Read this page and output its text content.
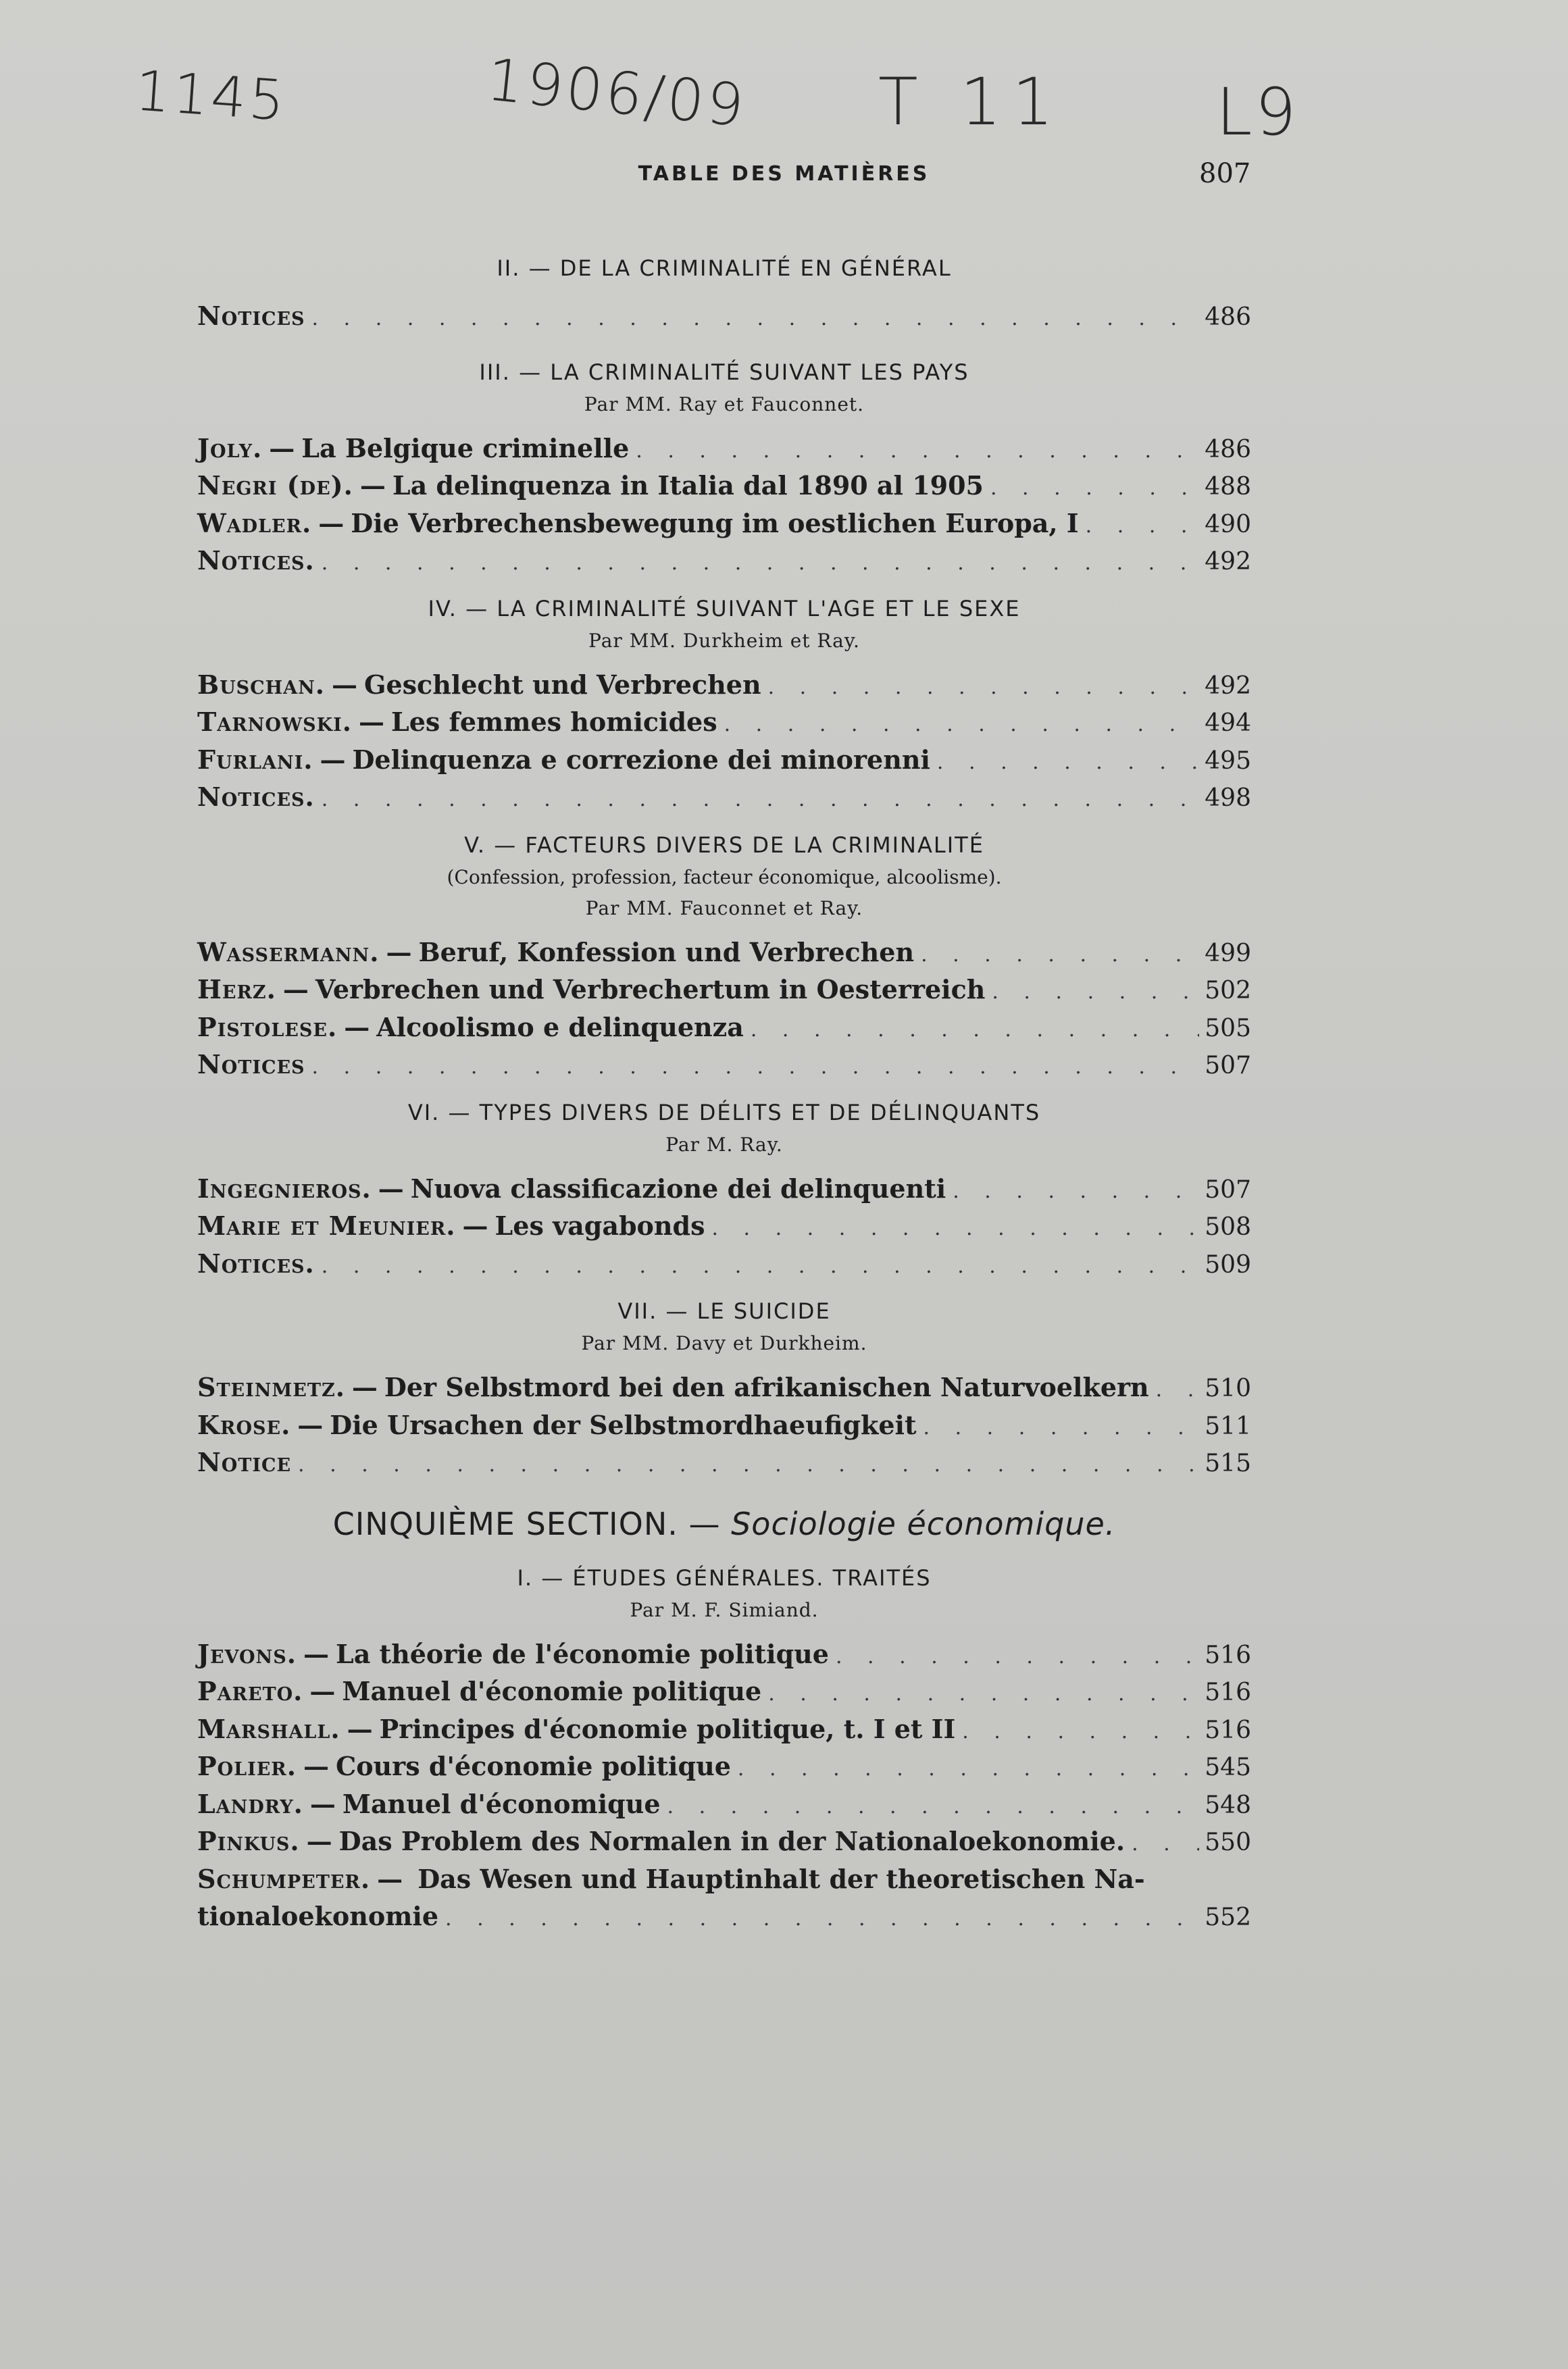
1145	1906/09 T 11 L9
TABLE DES MATIÈRES	807

II. — DE LA CRIMINALITÉ EN GÉNÉRAL

Notices . . .	486

III. — LA CRIMINALITÉ SUIVANT LES PAYS

Par MM. Ray et Fauconnet.

Joly. — La Belgique criminelle . . .	486
Negri (de). — La delinquenza in Italia dal 1890 al 1905 . . .	488
Wadler. — Die Verbrechensbewegung im oestlichen Europa, I . . .	490
Notices. . . .	492

IV. — LA CRIMINALITÉ SUIVANT L'AGE ET LE SEXE

Par MM. Durkheim et Ray.

Buschan. — Geschlecht und Verbrechen . . .	492
Tarnowski. — Les femmes homicides . . .	494
Furlani. — Delinquenza e correzione dei minorenni . . .	495
Notices. . . .	498

V. — FACTEURS DIVERS DE LA CRIMINALITÉ

(Confession, profession, facteur économique, alcoolisme).

Par MM. Fauconnet et Ray.

Wassermann. — Beruf, Konfession und Verbrechen . . .	499
Herz. — Verbrechen und Verbrechertum in Oesterreich . . .	502
Pistolese. — Alcoolismo e delinquenza . . .	505
Notices . . .	507

VI. — TYPES DIVERS DE DÉLITS ET DE DÉLINQUANTS

Par M. Ray.

Ingegnieros. — Nuova classificazione dei delinquenti . . .	507
Marie et Meunier. — Les vagabonds . . .	508
Notices. . . .	509

VII. — LE SUICIDE

Par MM. Davy et Durkheim.

Steinmetz. — Der Selbstmord bei den afrikanischen Naturvoelkern . . . 510
Krose. — Die Ursachen der Selbstmordhaeufigkeit . . .	511
Notice . . .	515
CINQUIÈME SECTION. — Sociologie économique.

I. — ÉTUDES GÉNÉRALES. TRAITÉS

Par M. F. Simiand.

Jevons. — La théorie de l'économie politique . . .	516
Pareto. — Manuel d'économie politique . . .	516
Marshall. — Principes d'économie politique, t. I et II . . .	516
Polier. — Cours d'économie politique . . .	545
Landry. — Manuel d'économique . . .	548
Pinkus. — Das Problem des Normalen in der Nationaloekonomie. . . .	550
Schumpeter. — Das Wesen und Hauptinhalt der theoretischen Na-
tionaloekonomie . . .	552
